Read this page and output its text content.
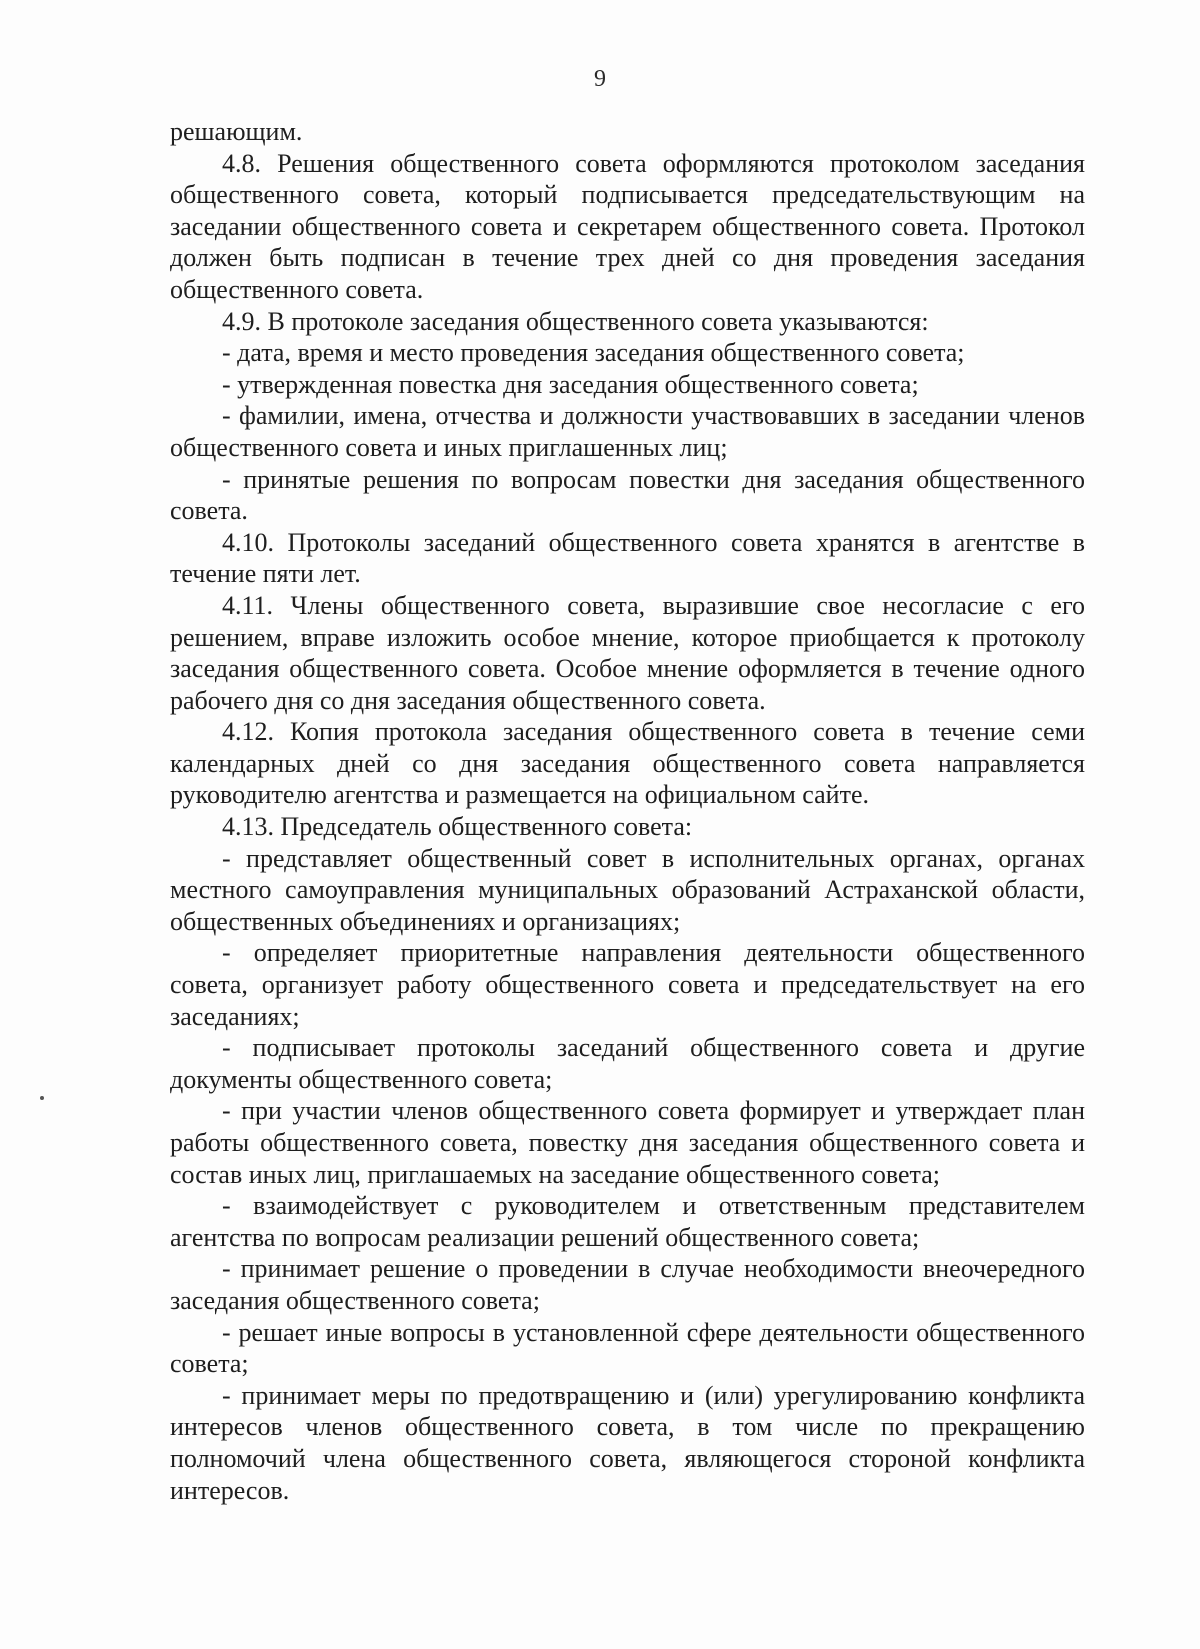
9

решающим.

4.8. Решения общественного совета оформляются протоколом заседания общественного совета, который подписывается председательствующим на заседании общественного совета и секретарем общественного совета. Протокол должен быть подписан в течение трех дней со дня проведения заседания общественного совета.

4.9. В протоколе заседания общественного совета указываются:

- дата, время и место проведения заседания общественного совета;

- утвержденная повестка дня заседания общественного совета;

- фамилии, имена, отчества и должности участвовавших в заседании членов общественного совета и иных приглашенных лиц;

- принятые решения по вопросам повестки дня заседания общественного совета.

4.10. Протоколы заседаний общественного совета хранятся в агентстве в течение пяти лет.

4.11. Члены общественного совета, выразившие свое несогласие с его решением, вправе изложить особое мнение, которое приобщается к протоколу заседания общественного совета. Особое мнение оформляется в течение одного рабочего дня со дня заседания общественного совета.

4.12. Копия протокола заседания общественного совета в течение семи календарных дней со дня заседания общественного совета направляется руководителю агентства и размещается на официальном сайте.

4.13. Председатель общественного совета:

- представляет общественный совет в исполнительных органах, органах местного самоуправления муниципальных образований Астраханской области, общественных объединениях и организациях;

- определяет приоритетные направления деятельности общественного совета, организует работу общественного совета и председательствует на его заседаниях;

- подписывает протоколы заседаний общественного совета и другие документы общественного совета;

- при участии членов общественного совета формирует и утверждает план работы общественного совета, повестку дня заседания общественного совета и состав иных лиц, приглашаемых на заседание общественного совета;

- взаимодействует с руководителем и ответственным представителем агентства по вопросам реализации решений общественного совета;

- принимает решение о проведении в случае необходимости внеочередного заседания общественного совета;

- решает иные вопросы в установленной сфере деятельности общественного совета;

- принимает меры по предотвращению и (или) урегулированию конфликта интересов членов общественного совета, в том числе по прекращению полномочий члена общественного совета, являющегося стороной конфликта интересов.
